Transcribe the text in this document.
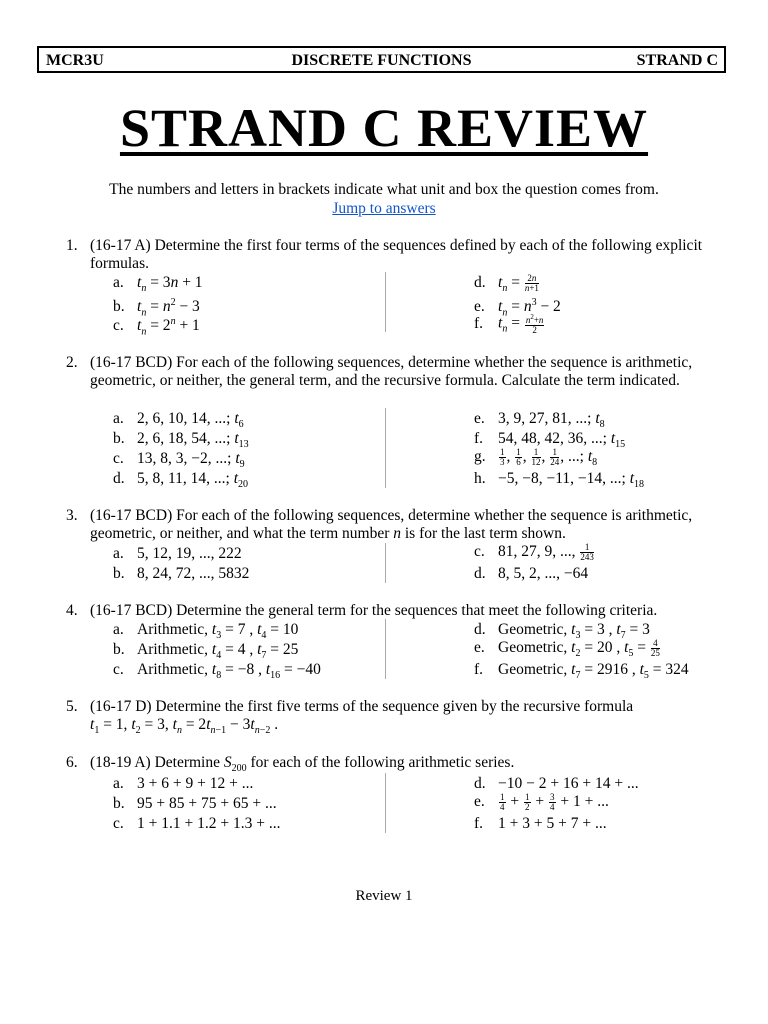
MCR3U	DISCRETE FUNCTIONS	STRAND C
STRAND C REVIEW
The numbers and letters in brackets indicate what unit and box the question comes from.
Jump to answers
1. (16-17 A) Determine the first four terms of the sequences defined by each of the following explicit formulas.
a. $t_n = 3n + 1$
b. $t_n = n^2 - 3$
c. $t_n = 2^n + 1$
d. $t_n = \frac{2n}{n+1}$
e. $t_n = n^3 - 2$
f. $t_n = \frac{n^2+n}{2}$
2. (16-17 BCD) For each of the following sequences, determine whether the sequence is arithmetic, geometric, or neither, the general term, and the recursive formula. Calculate the term indicated.
a. 2, 6, 10, 14, ...; $t_6$
b. 2, 6, 18, 54, ...; $t_{13}$
c. 13, 8, 3, −2, ...; $t_9$
d. 5, 8, 11, 14, ...; $t_{20}$
e. 3, 9, 27, 81, ...; $t_8$
f. 54, 48, 42, 36, ...; $t_{15}$
g. $\frac{1}{3}$ , $\frac{1}{6}$ , $\frac{1}{12}$ , $\frac{1}{24}$ , ...; $t_8$
h. −5, −8, −11, −14, ...; $t_{18}$
3. (16-17 BCD) For each of the following sequences, determine whether the sequence is arithmetic, geometric, or neither, and what the term number n is for the last term shown.
a. 5, 12, 19, ..., 222
b. 8, 24, 72, ..., 5832
c. 81, 27, 9, ..., $\frac{1}{243}$
d. 8, 5, 2, ..., −64
4. (16-17 BCD) Determine the general term for the sequences that meet the following criteria.
a. Arithmetic, $t_3 = 7$ , $t_4 = 10$
b. Arithmetic, $t_4 = 4$ , $t_7 = 25$
c. Arithmetic, $t_8 = -8$ , $t_{16} = -40$
d. Geometric, $t_3 = 3$ , $t_7 = 3$
e. Geometric, $t_2 = 20$ , $t_5 = \frac{4}{25}$
f. Geometric, $t_7 = 2916$ , $t_5 = 324$
5. (16-17 D) Determine the first five terms of the sequence given by the recursive formula
$t_1 = 1$, $t_2 = 3$, $t_n = 2t_{n-1} - 3t_{n-2}$ .
6. (18-19 A) Determine $S_{200}$ for each of the following arithmetic series.
a. 3 + 6 + 9 + 12 + ...
b. 95 + 85 + 75 + 65 + ...
c. 1 + 1.1 + 1.2 + 1.3 + ...
d. −10 − 2 + 16 + 14 + ...
e. $\frac{1}{4} + \frac{1}{2} + \frac{3}{4} + 1$ + ...
f. 1 + 3 + 5 + 7 + ...
Review 1
